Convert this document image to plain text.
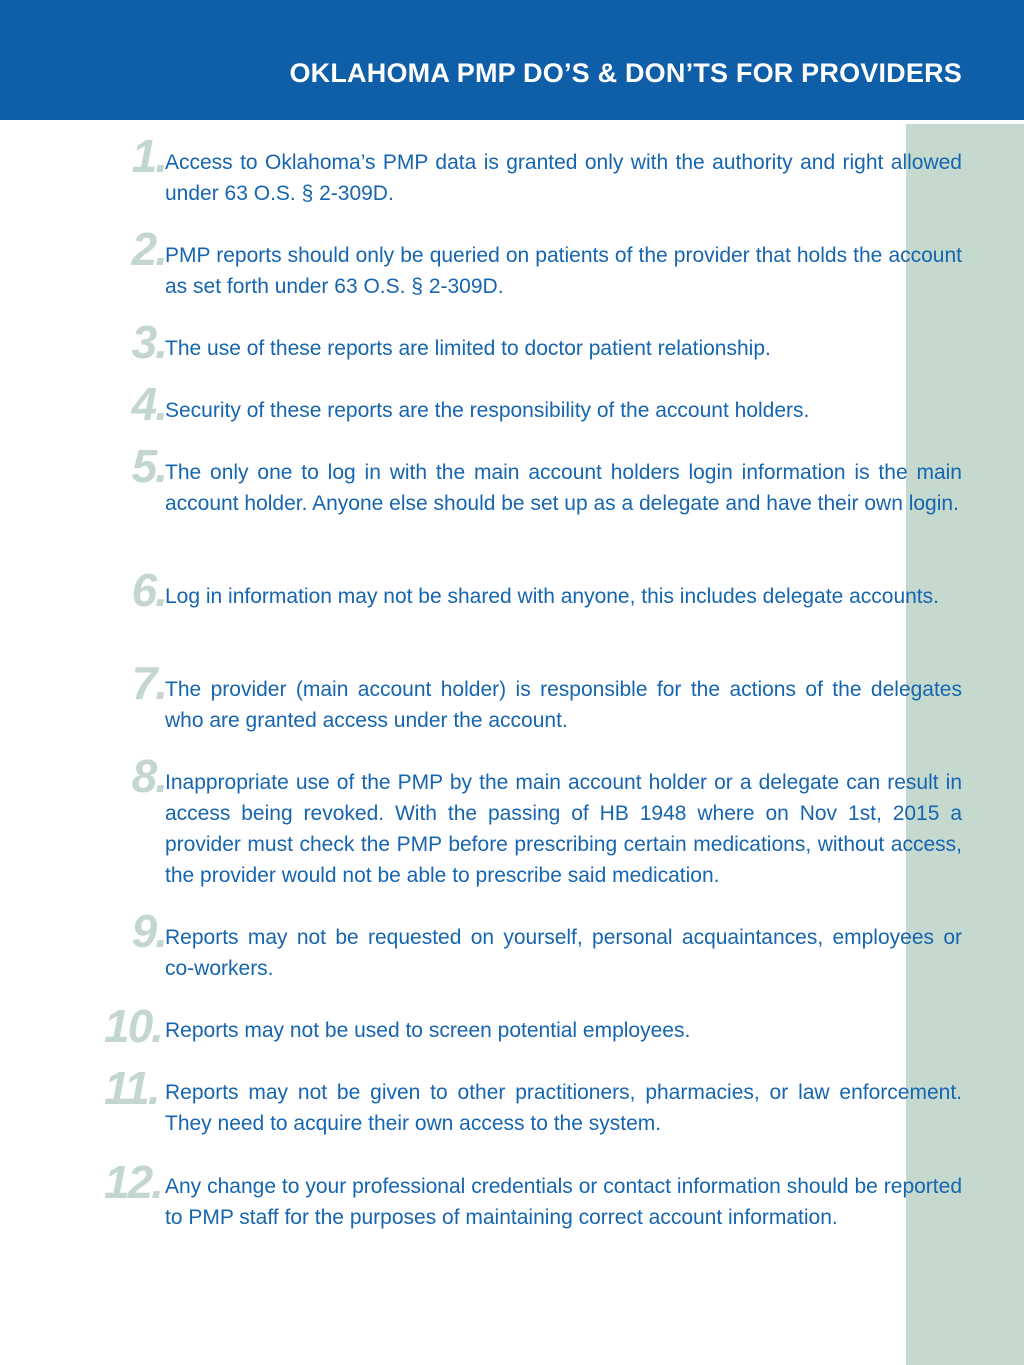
OKLAHOMA PMP DO’S & DON’TS FOR PROVIDERS
1. Access to Oklahoma’s PMP data is granted only with the authority and right allowed under 63 O.S. § 2-309D.
2. PMP reports should only be queried on patients of the provider that holds the account as set forth under 63 O.S. § 2-309D.
3. The use of these reports are limited to doctor patient relationship.
4. Security of these reports are the responsibility of the account holders.
5. The only one to log in with the main account holders login information is the main account holder. Anyone else should be set up as a delegate and have their own login.
6. Log in information may not be shared with anyone, this includes delegate accounts.
7. The provider (main account holder) is responsible for the actions of the delegates who are granted access under the account.
8. Inappropriate use of the PMP by the main account holder or a delegate can result in access being revoked. With the passing of HB 1948 where on Nov 1st, 2015 a provider must check the PMP before prescribing certain medications, without access, the provider would not be able to prescribe said medication.
9. Reports may not be requested on yourself, personal acquaintances, employees or co-workers.
10. Reports may not be used to screen potential employees.
11. Reports may not be given to other practitioners, pharmacies, or law enforcement. They need to acquire their own access to the system.
12. Any change to your professional credentials or contact information should be reported to PMP staff for the purposes of maintaining correct account information.
